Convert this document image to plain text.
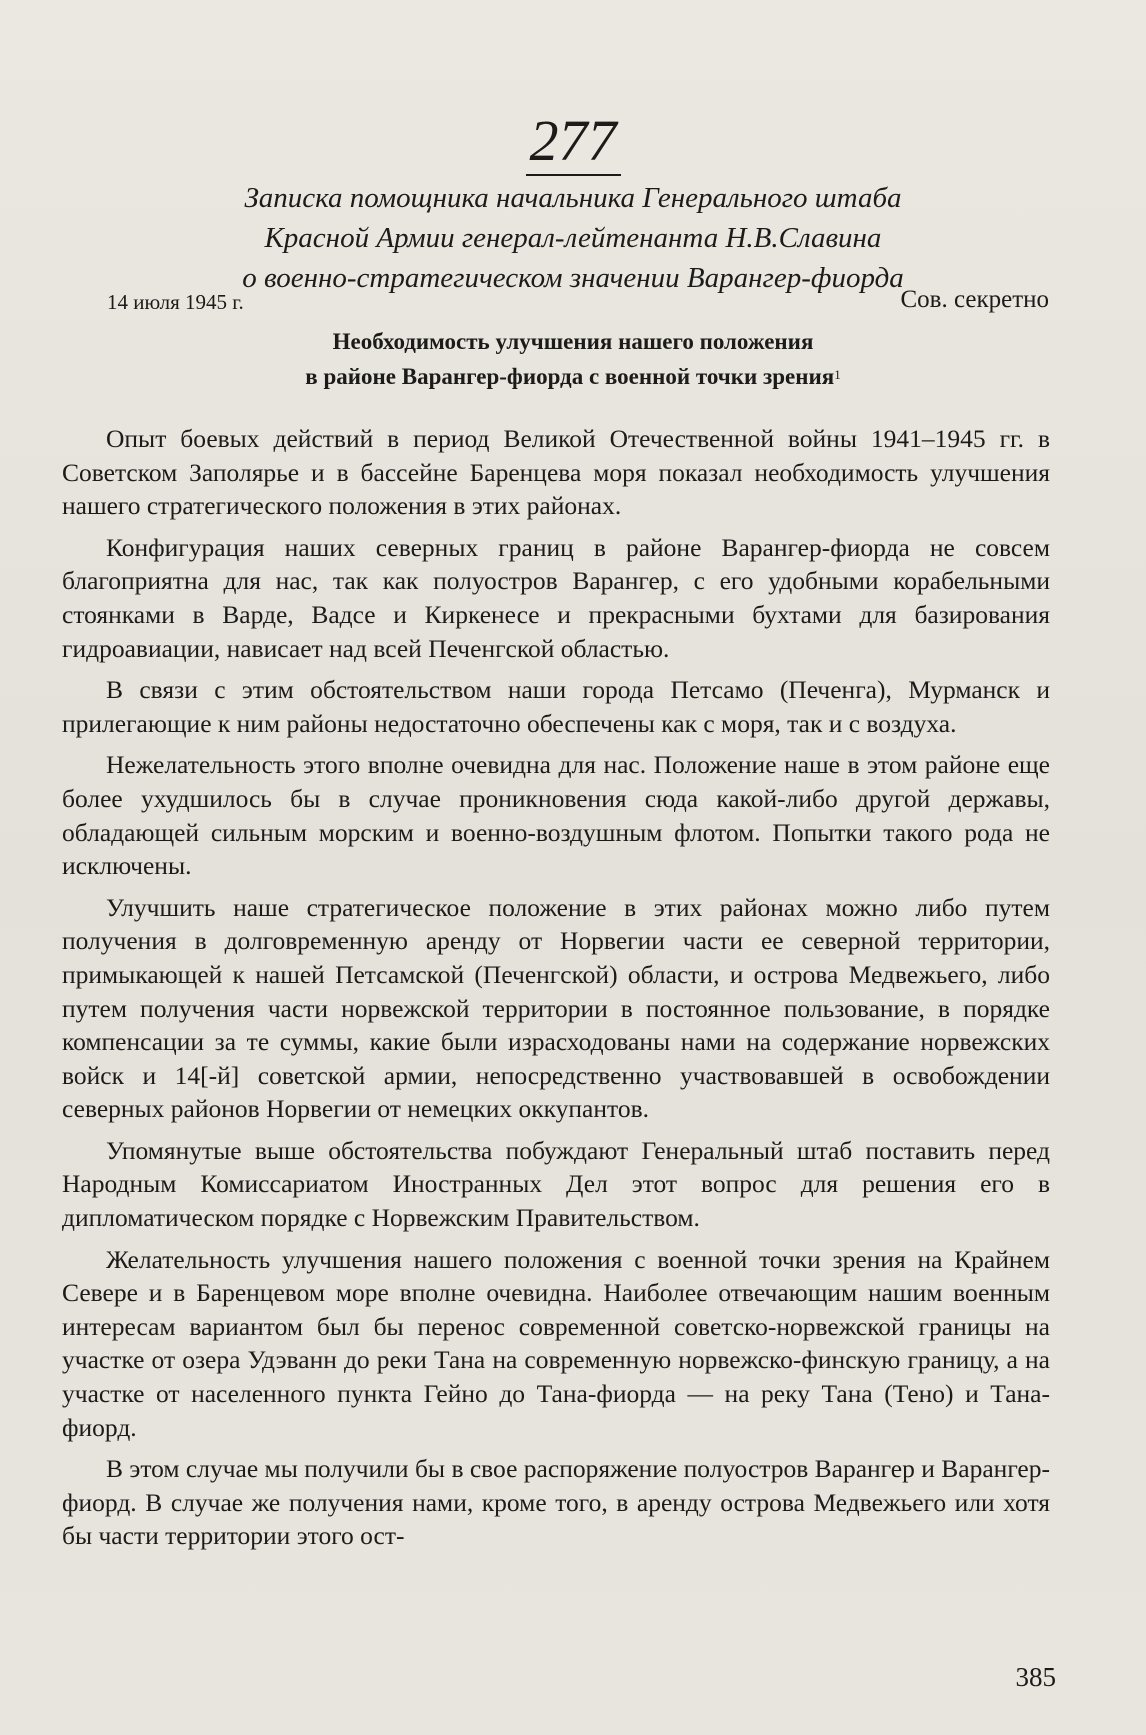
277
Записка помощника начальника Генерального штаба
Красной Армии генерал-лейтенанта Н.В.Славина
о военно-стратегическом значении Варангер-фиорда
14 июля 1945 г.	Сов. секретно
Необходимость улучшения нашего положения
в районе Варангер-фиорда с военной точки зрения$^1$

Опыт боевых действий в период Великой Отечественной войны 1941–1945 гг. в Советском Заполярье и в бассейне Баренцева моря показал необходимость улучшения нашего стратегического положения в этих районах.

Конфигурация наших северных границ в районе Варангер-фиорда не совсем благоприятна для нас, так как полуостров Варангер, с его удобными корабельными стоянками в Варде, Вадсе и Киркенесе и прекрасными бухтами для базирования гидроавиации, нависает над всей Печенгской областью.

В связи с этим обстоятельством наши города Петсамо (Печенга), Мурманск и прилегающие к ним районы недостаточно обеспечены как с моря, так и с воздуха.

Нежелательность этого вполне очевидна для нас. Положение наше в этом районе еще более ухудшилось бы в случае проникновения сюда какой-либо другой державы, обладающей сильным морским и военно-воздушным флотом. Попытки такого рода не исключены.

Улучшить наше стратегическое положение в этих районах можно либо путем получения в долговременную аренду от Норвегии части ее северной территории, примыкающей к нашей Петсамской (Печенгской) области, и острова Медвежьего, либо путем получения части норвежской территории в постоянное пользование, в порядке компенсации за те суммы, какие были израсходованы нами на содержание норвежских войск и 14[-й] советской армии, непосредственно участвовавшей в освобождении северных районов Норвегии от немецких оккупантов.

Упомянутые выше обстоятельства побуждают Генеральный штаб поставить перед Народным Комиссариатом Иностранных Дел этот вопрос для решения его в дипломатическом порядке с Норвежским Правительством.

Желательность улучшения нашего положения с военной точки зрения на Крайнем Севере и в Баренцевом море вполне очевидна. Наиболее отвечающим нашим военным интересам вариантом был бы перенос современной советско-норвежской границы на участке от озера Удэванн до реки Тана на современную норвежско-финскую границу, а на участке от населенного пункта Гейно до Тана-фиорда — на реку Тана (Тено) и Тана-фиорд.

В этом случае мы получили бы в свое распоряжение полуостров Варангер и Варангер-фиорд. В случае же получения нами, кроме того, в аренду острова Медвежьего или хотя бы части территории этого ост-

385
